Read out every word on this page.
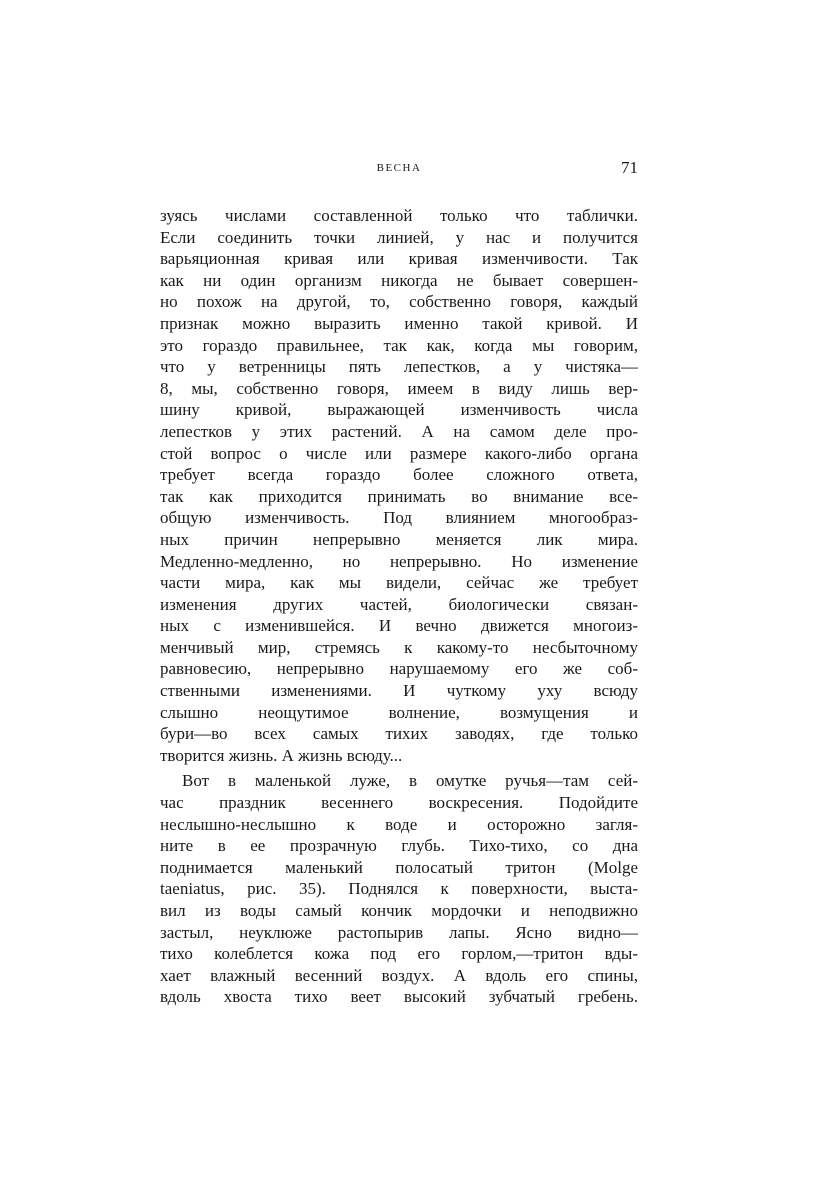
ВЕСНА	71
зуясь числами составленной только что таблички.
Если соединить точки линией, у нас и получится
варьяционная кривая или кривая изменчивости. Так
как ни один организм никогда не бывает совершен-
но похож на другой, то, собственно говоря, каждый
признак можно выразить именно такой кривой. И
это гораздо правильнее, так как, когда мы говорим,
что у ветренницы пять лепестков, а у чистяка—
8, мы, собственно говоря, имеем в виду лишь вер-
шину кривой, выражающей изменчивость числа
лепестков у этих растений. А на самом деле про-
стой вопрос о числе или размере какого-либо органа
требует всегда гораздо более сложного ответа,
так как приходится принимать во внимание все-
общую изменчивость. Под влиянием многообраз-
ных причин непрерывно меняется лик мира.
Медленно-медленно, но непрерывно. Но изменение
части мира, как мы видели, сейчас же требует
изменения других частей, биологически связан-
ных с изменившейся. И вечно движется многоиз-
менчивый мир, стремясь к какому-то несбыточному
равновесию, непрерывно нарушаемому его же соб-
ственными изменениями. И чуткому уху всюду
слышно неощутимое волнение, возмущения и
бури—во всех самых тихих заводях, где только
творится жизнь. А жизнь всюду...
Вот в маленькой луже, в омутке ручья—там сей-
час праздник весеннего воскресения. Подойдите
неслышно-неслышно к воде и осторожно загля-
ните в ее прозрачную глубь. Тихо-тихо, со дна
поднимается маленький полосатый тритон (Molge
taeniatus, рис. 35). Поднялся к поверхности, выста-
вил из воды самый кончик мордочки и неподвижно
застыл, неуклюже растопырив лапы. Ясно видно—
тихо колеблется кожа под его горлом,—тритон вды-
хает влажный весенний воздух. А вдоль его спины,
вдоль хвоста тихо веет высокий зубчатый гребень.
